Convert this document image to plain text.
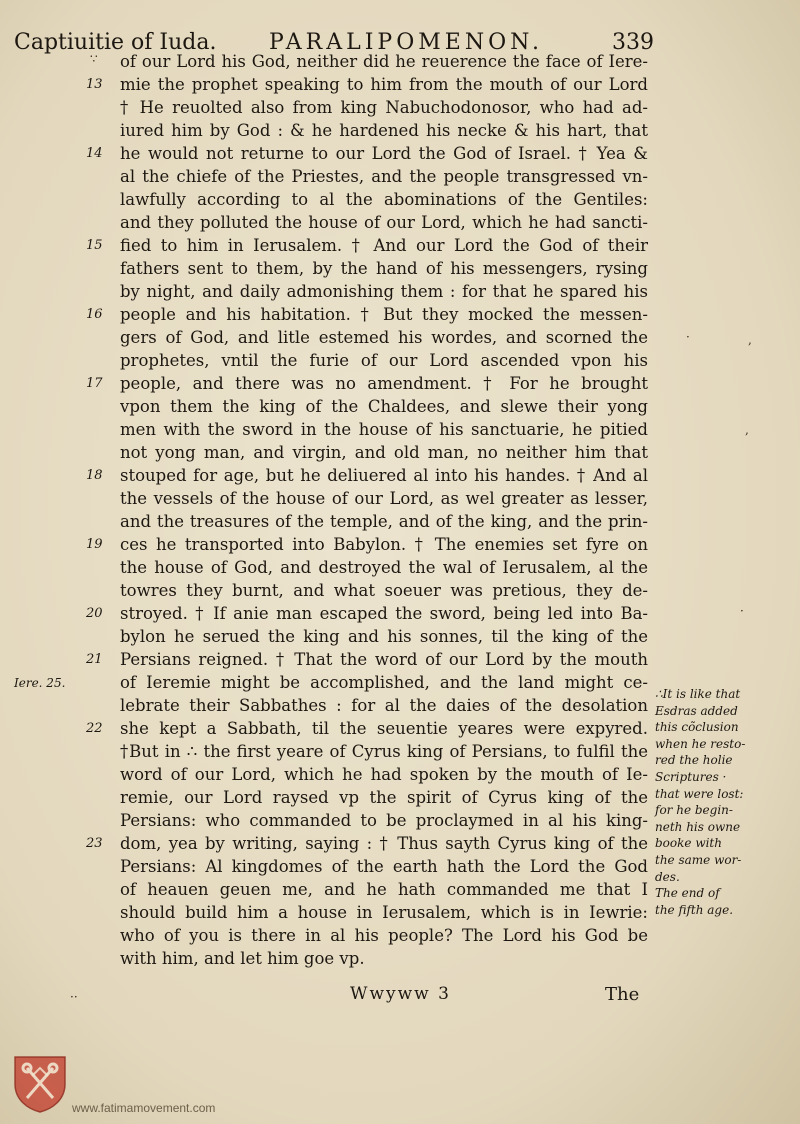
Captiuitie of Iuda. PARALIPOMENON.	339
of our Lord his God, neither did he reuerence the face of Iere-
13	mie the prophet speaking to him from the mouth of our Lord
† He reuolted also from king Nabuchodonosor, who had ad-
iured him by God : & he hardened his necke & his hart, that
14	he would not returne to our Lord the God of Israel. † Yea &
al the chiefe of the Priestes, and the people transgressed vn-
lawfully according to al the abominations of the Gentiles:
and they polluted the house of our Lord, which he had sancti-
15	fied to him in Ierusalem. † And our Lord the God of their
fathers sent to them, by the hand of his messengers, rysing
by night, and daily admonishing them : for that he spared his
16	people and his habitation. † But they mocked the messen-
gers of God, and litle estemed his wordes, and scorned the
prophetes, vntil the furie of our Lord ascended vpon his
17	people, and there was no amendment. † For he brought
vpon them the king of the Chaldees, and slewe their yong
men with the sword in the house of his sanctuarie, he pitied
not yong man, and virgin, and old man, no neither him that
18	stouped for age, but he deliuered al into his handes. † And al
the vessels of the house of our Lord, as wel greater as lesser,
and the treasures of the temple, and of the king, and the prin-
19	ces he transported into Babylon. † The enemies set fyre on
the house of God, and destroyed the wal of Ierusalem, al the
towres they burnt, and what soeuer was pretious, they de-
20	stroyed. † If anie man escaped the sword, being led into Ba-
bylon he serued the king and his sonnes, til the king of the
21	Persians reigned. † That the word of our Lord by the mouth
of Ieremie might be accomplished, and the land might ce-
lebrate their Sabbathes : for al the daies of the desolation
22	she kept a Sabbath, til the seuentie yeares were expyred.
†But in ∴ the first yeare of Cyrus king of Persians, to fulfil the
word of our Lord, which he had spoken by the mouth of Ie-
remie, our Lord raysed vp the spirit of Cyrus king of the
Persians: who commanded to be proclaymed in al his king-
23	dom, yea by writing, saying : † Thus sayth Cyrus king of the
Persians: Al kingdomes of the earth hath the Lord the God
of heauen geuen me, and he hath commanded me that I
should build him a house in Ierusalem, which is in Iewrie:
who of you is there in al his people? The Lord his God be
with him, and let him goe vp.
Iere. 25.
∴It is like that
Esdras added
this cõclusion
when he resto-
red the holie
Scriptures ·
that were lost:
for he begin-
neth his owne
booke with
the same wor-
des.
The end of
the fifth age.
∵
·	,
,
·
··	Wwyww 3	The
www.fatimamovement.com
